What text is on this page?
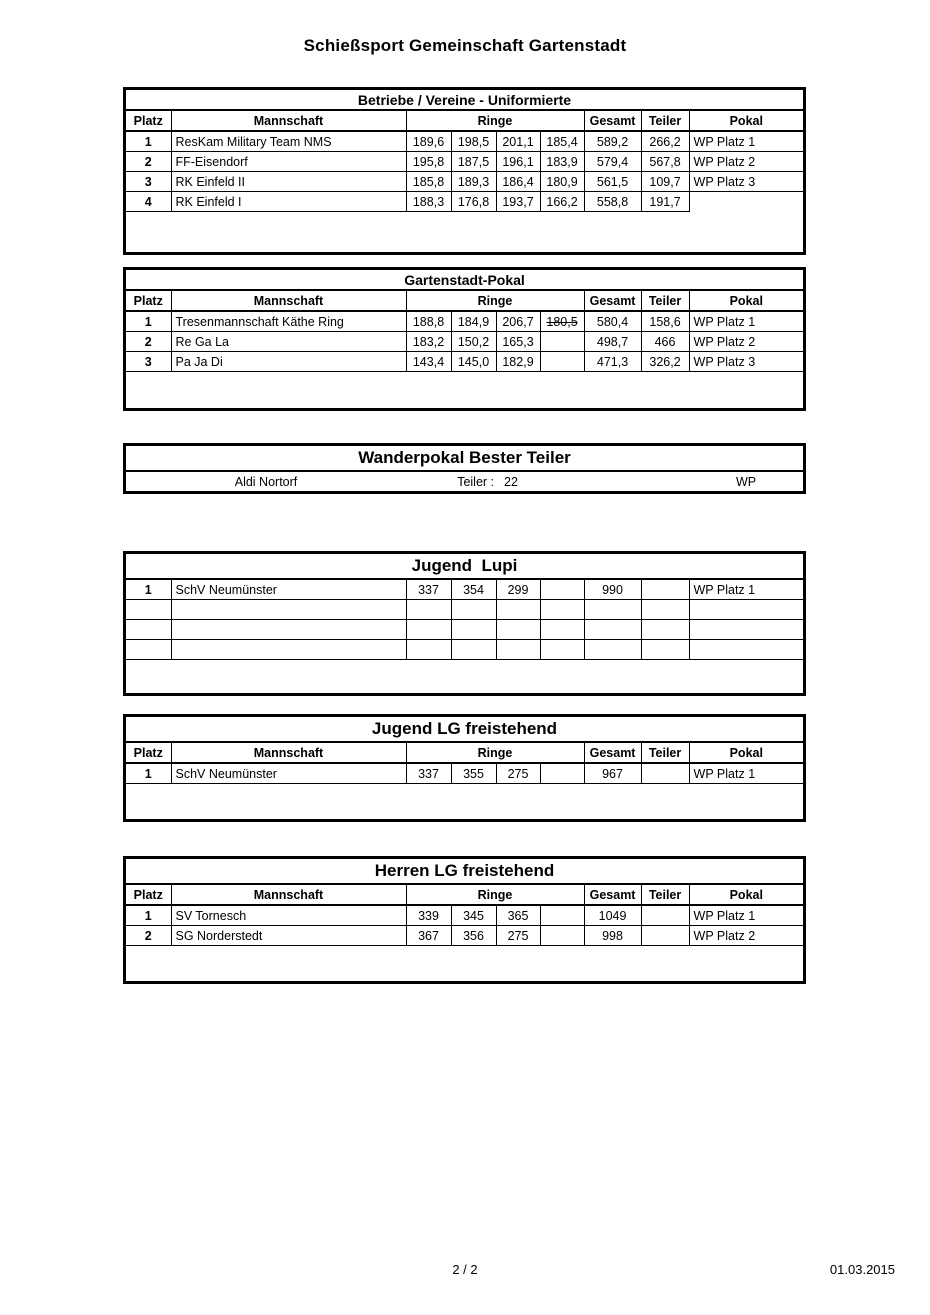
Schießsport Gemeinschaft Gartenstadt
Betriebe / Vereine - Uniformierte
Platz	Mannschaft	Ringe				Gesamt	Teiler	Pokal
1	ResKam Military Team NMS	189,6	198,5	201,1	185,4	589,2	266,2	WP Platz 1
2	FF-Eisendorf	195,8	187,5	196,1	183,9	579,4	567,8	WP Platz 2
3	RK Einfeld II	185,8	189,3	186,4	180,9	561,5	109,7	WP Platz 3
4	RK Einfeld I	188,3	176,8	193,7	166,2	558,8	191,7	
Gartenstadt-Pokal
Platz	Mannschaft	Ringe				Gesamt	Teiler	Pokal
1	Tresenmannschaft Käthe Ring	188,8	184,9	206,7	180,5	580,4	158,6	WP Platz 1
2	Re Ga La	183,2	150,2	165,3		498,7	466	WP Platz 2
3	Pa Ja Di	143,4	145,0	182,9		471,3	326,2	WP Platz 3
Wanderpokal Bester Teiler
Aldi Nortorf	Teiler :	22		WP
Jugend  Lupi
1	SchV Neumünster	337	354	299		990		WP Platz 1

Jugend LG freistehend
Platz	Mannschaft	Ringe				Gesamt	Teiler	Pokal
1	SchV Neumünster	337	355	275		967		WP Platz 1
Herren LG freistehend
Platz	Mannschaft	Ringe				Gesamt	Teiler	Pokal
1	SV Tornesch	339	345	365		1049		WP Platz 1
2	SG Norderstedt	367	356	275		998		WP Platz 2
2 / 2	01.03.2015
